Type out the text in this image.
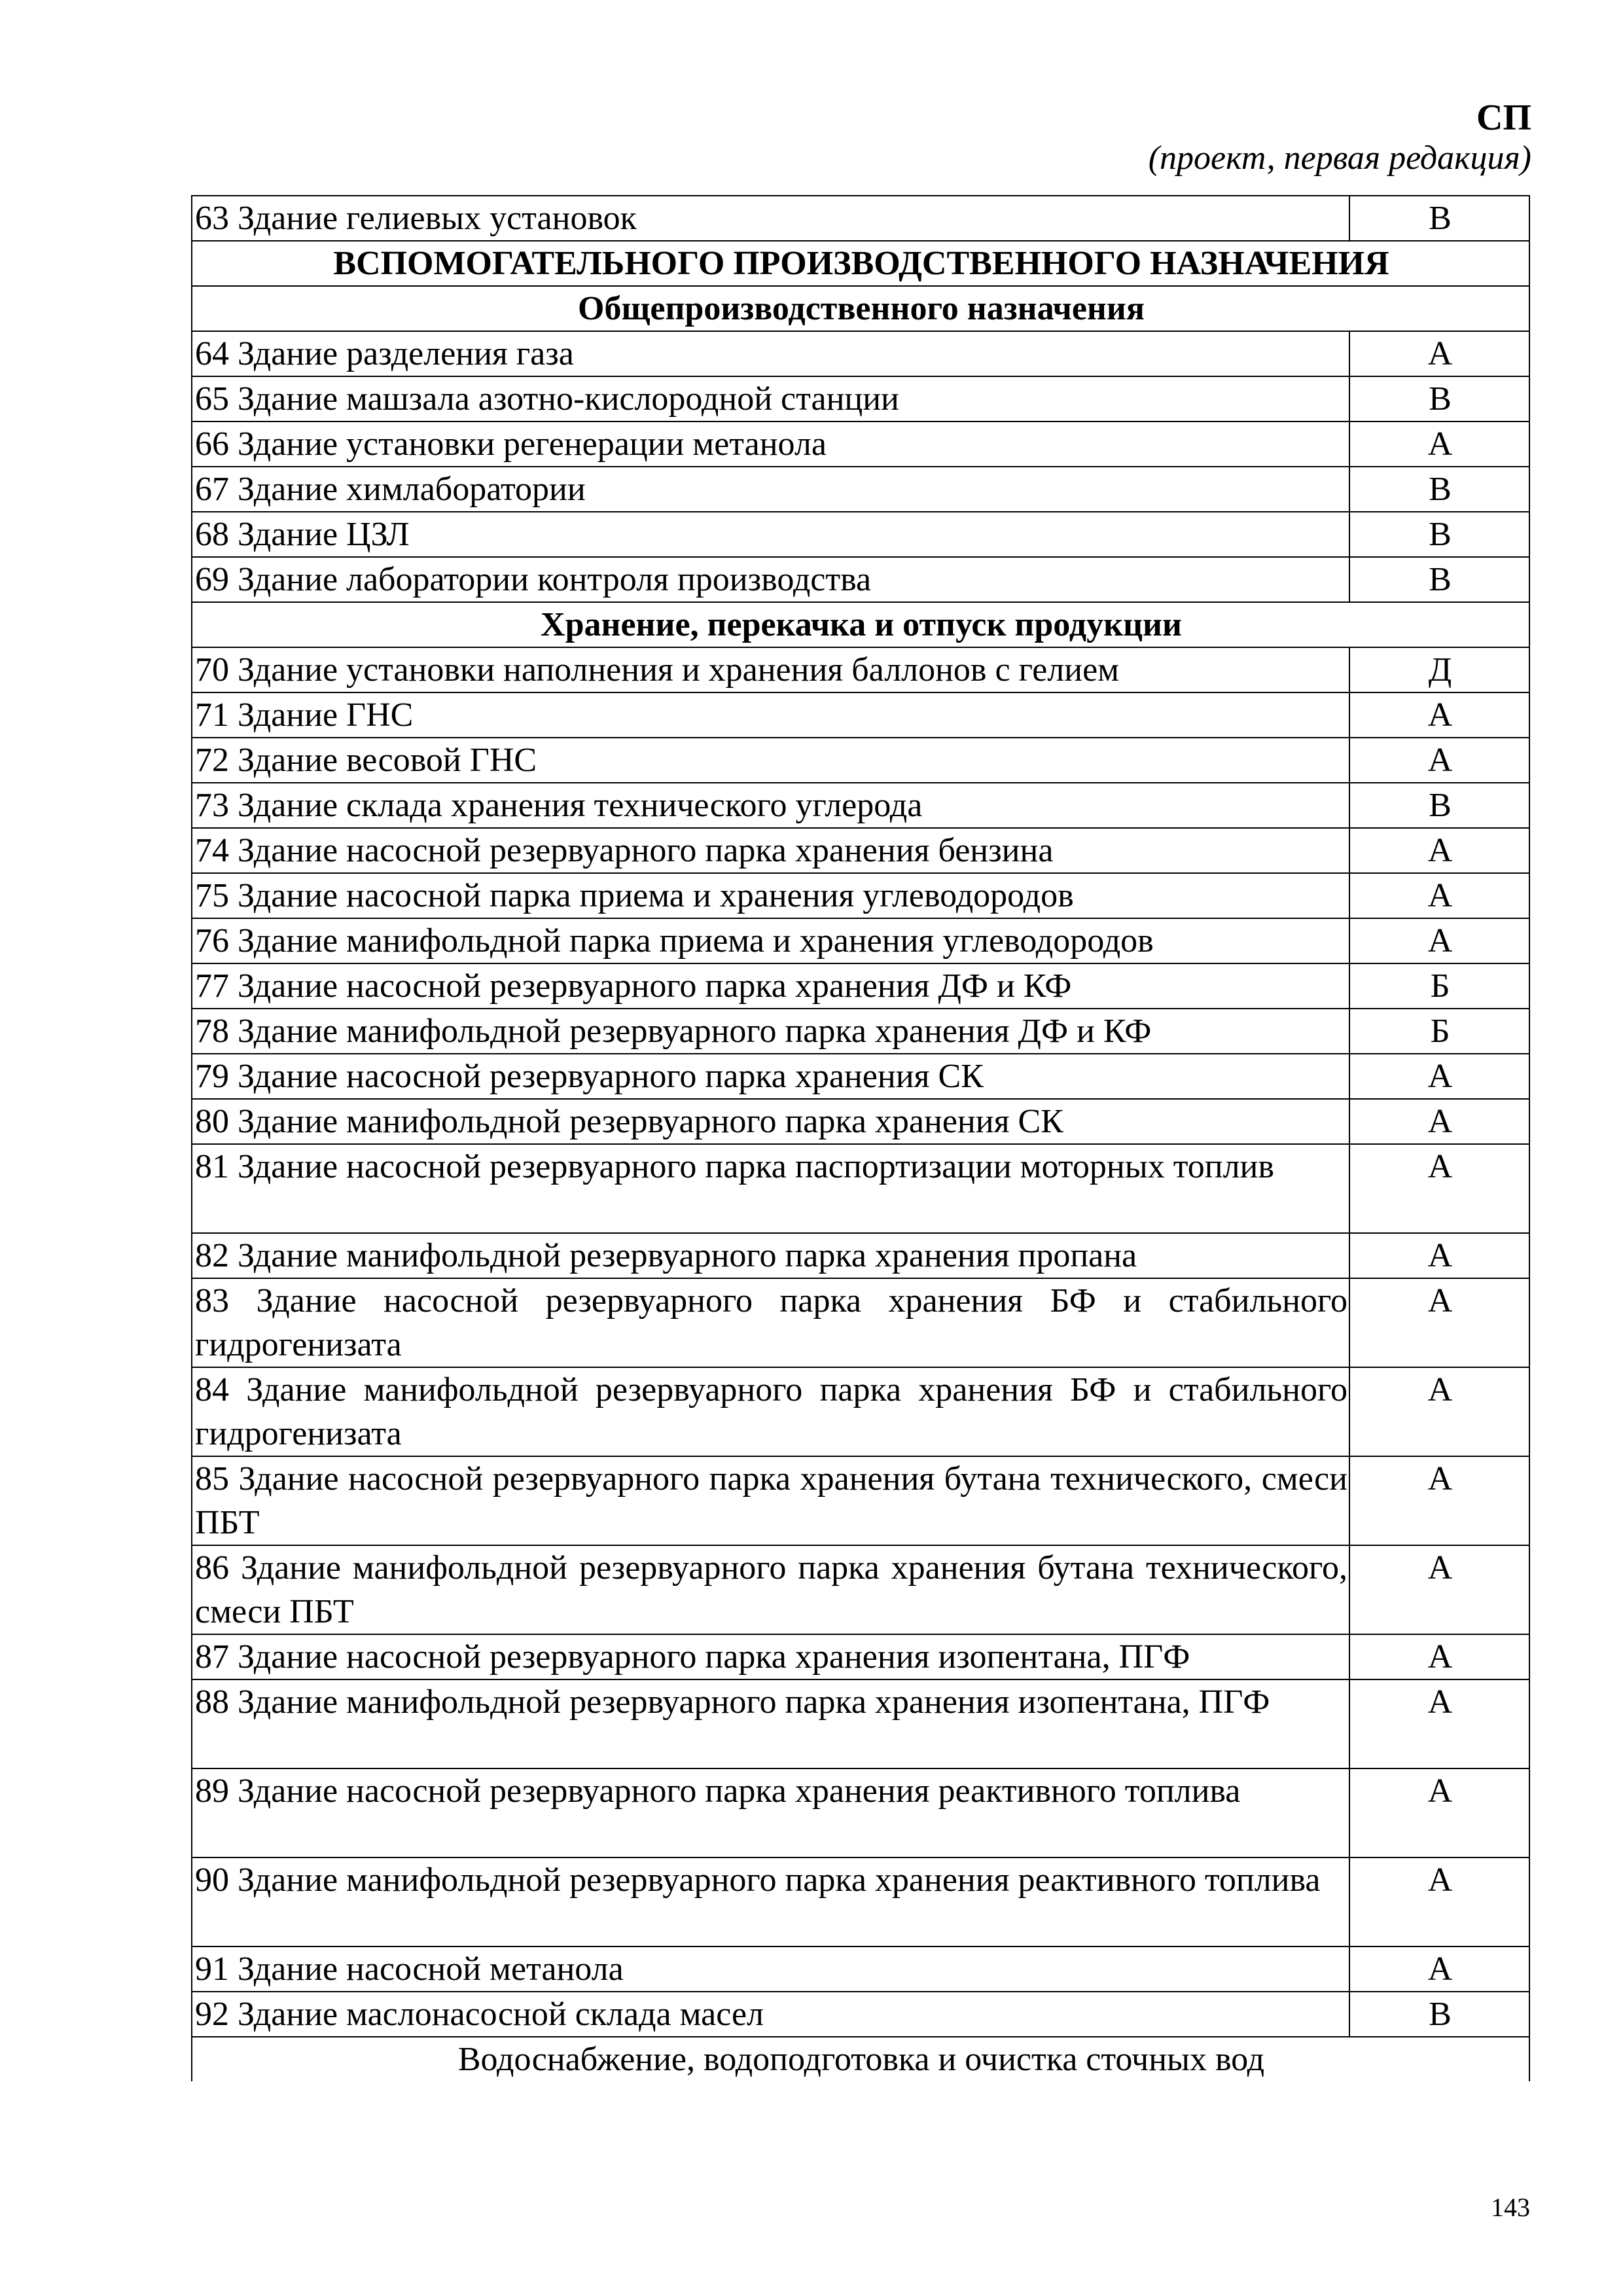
СП
(проект, первая редакция)
63 Здание гелиевых установок	В
ВСПОМОГАТЕЛЬНОГО ПРОИЗВОДСТВЕННОГО НАЗНАЧЕНИЯ	
Общепроизводственного назначения	
64 Здание разделения газа	А
65 Здание машзала азотно-кислородной станции	В
66 Здание установки регенерации метанола	А
67 Здание химлаборатории	В
68 Здание ЦЗЛ	В
69 Здание лаборатории контроля производства	В
Хранение, перекачка и отпуск продукции	
70 Здание установки наполнения и хранения баллонов с гелием	Д
71 Здание ГНС	А
72 Здание весовой ГНС	А
73 Здание склада хранения технического углерода	В
74 Здание насосной резервуарного парка хранения бензина	А
75 Здание насосной парка приема и хранения углеводородов	А
76 Здание манифольдной парка приема и хранения углеводородов	А
77 Здание насосной резервуарного парка хранения ДФ и КФ	Б
78 Здание манифольдной резервуарного парка хранения ДФ и КФ	Б
79 Здание насосной резервуарного парка хранения СК	А
80 Здание манифольдной резервуарного парка хранения СК	А
81 Здание насосной резервуарного парка паспортизации моторных топлив	А
82 Здание манифольдной резервуарного парка хранения пропана	А
83 Здание насосной резервуарного парка хранения БФ и стабильного гидрогенизата	А
84 Здание манифольдной резервуарного парка хранения БФ и стабильного гидрогенизата	А
85 Здание насосной резервуарного парка хранения бутана технического, смеси ПБТ	А
86 Здание манифольдной резервуарного парка хранения бутана технического, смеси ПБТ	А
87 Здание насосной резервуарного парка хранения изопентана, ПГФ	А
88 Здание манифольдной резервуарного парка хранения изопентана, ПГФ	А
89 Здание насосной резервуарного парка хранения реактивного топлива	А
90 Здание манифольдной резервуарного парка хранения реактивного топлива	А
91 Здание насосной метанола	А
92 Здание маслонасосной склада масел	В
Водоснабжение, водоподготовка и очистка сточных вод	
143
